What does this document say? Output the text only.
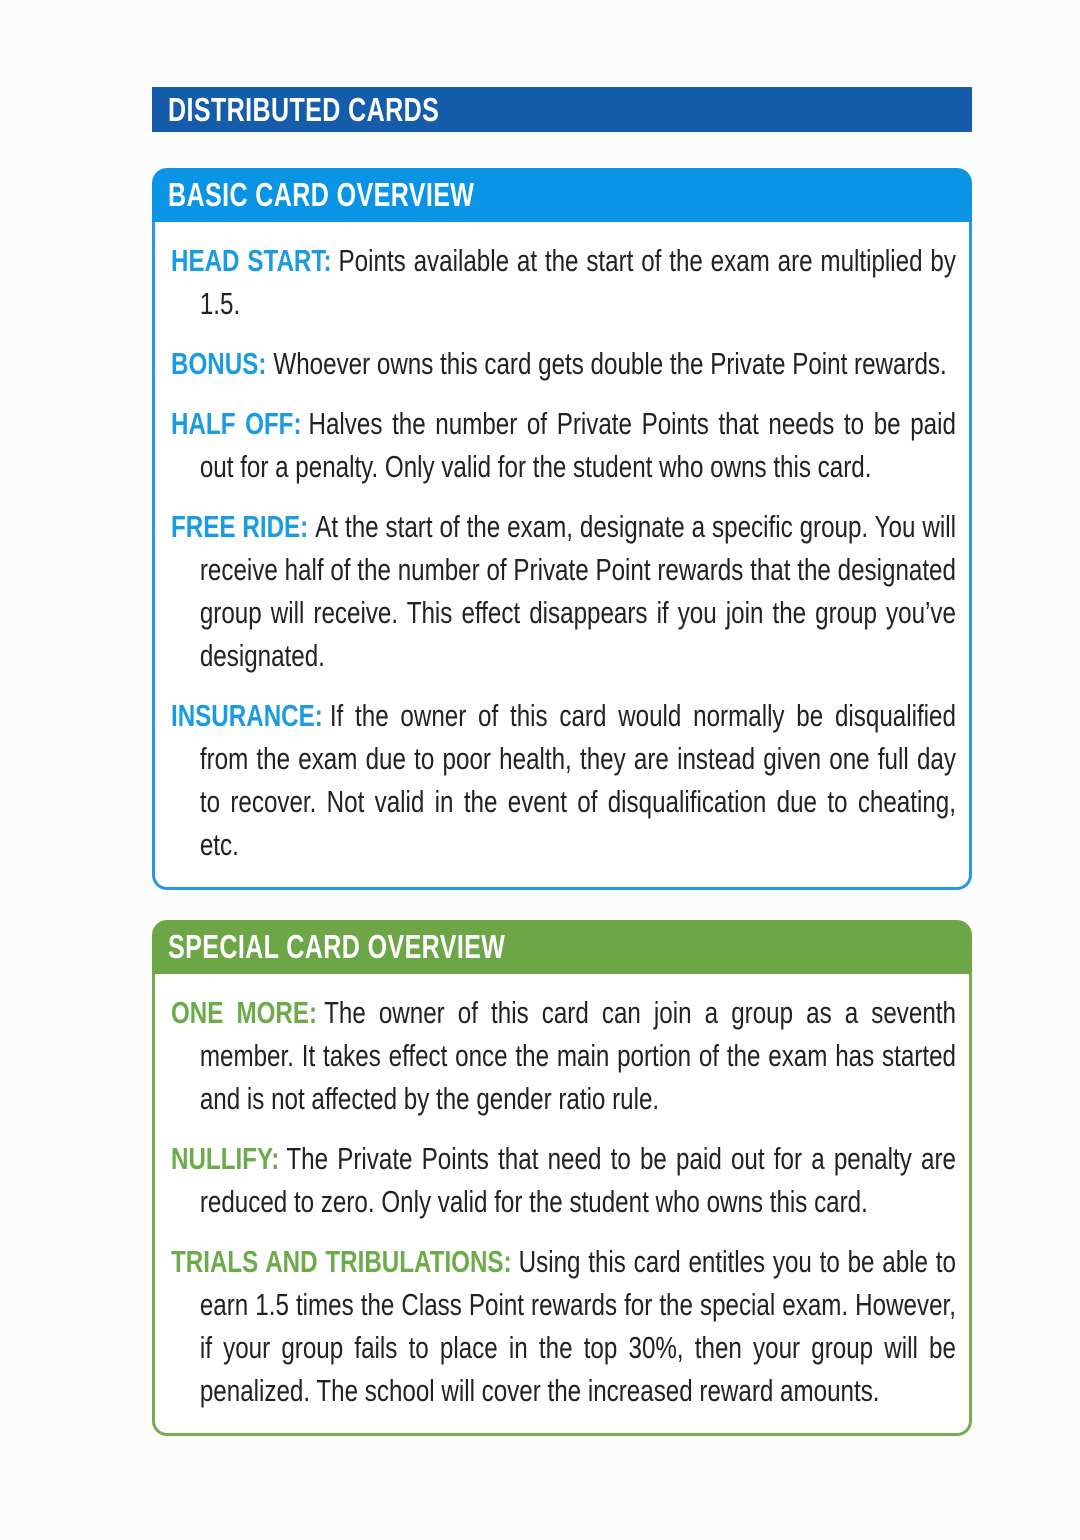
DISTRIBUTED CARDS
BASIC CARD OVERVIEW

HEAD START: Points available at the start of the exam are multiplied by 1.5.

BONUS: Whoever owns this card gets double the Private Point rewards.

HALF OFF: Halves the number of Private Points that needs to be paid out for a penalty. Only valid for the student who owns this card.

FREE RIDE: At the start of the exam, designate a specific group. You will receive half of the number of Private Point rewards that the designated group will receive. This effect disappears if you join the group you’ve designated.

INSURANCE: If the owner of this card would normally be disqualified from the exam due to poor health, they are instead given one full day to recover. Not valid in the event of disqualification due to cheating, etc.

SPECIAL CARD OVERVIEW

ONE MORE: The owner of this card can join a group as a seventh member. It takes effect once the main portion of the exam has started and is not affected by the gender ratio rule.

NULLIFY: The Private Points that need to be paid out for a penalty are reduced to zero. Only valid for the student who owns this card.

TRIALS AND TRIBULATIONS: Using this card entitles you to be able to earn 1.5 times the Class Point rewards for the special exam. However, if your group fails to place in the top 30%, then your group will be penalized. The school will cover the increased reward amounts.
